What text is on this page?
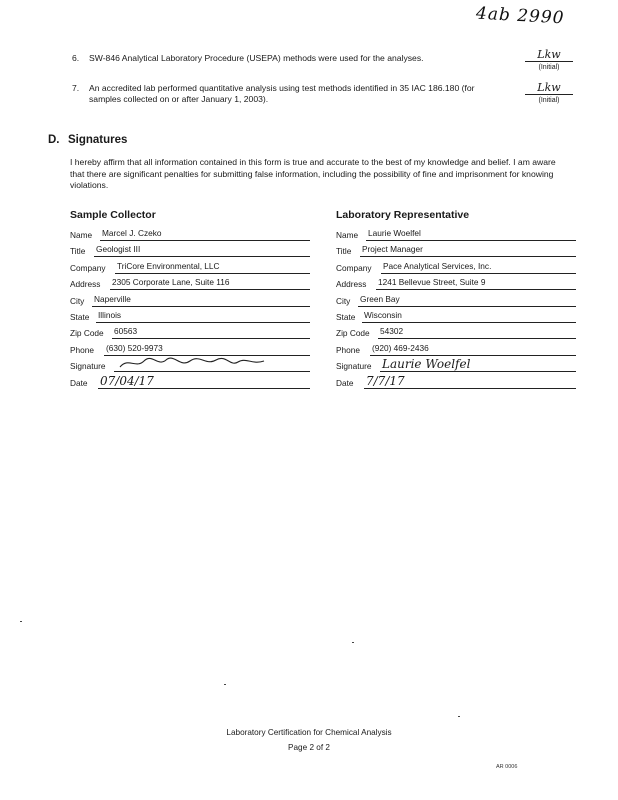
4ab 2990
6. SW-846 Analytical Laboratory Procedure (USEPA) methods were used for the analyses.	Lkw
(Initial)
7. An accredited lab performed quantitative analysis using test methods identified in 35 IAC 186.180 (for samples collected on or after January 1, 2003).
Lkw
(Initial)
D. Signatures
I hereby affirm that all information contained in this form is true and accurate to the best of my knowledge and belief. I am aware that there are significant penalties for submitting false information, including the possibility of fine and imprisonment for knowing violations.
Sample Collector
Name Marcel J. Czeko
Title Geologist III
Company TriCore Environmental, LLC
Address 2305 Corporate Lane, Suite 116
City Naperville
State Illinois
Zip Code 60563
Phone (630) 520-9973
Signature
Date 07/04/17
Laboratory Representative
Name Laurie Woelfel
Title Project Manager
Company Pace Analytical Services, Inc.
Address 1241 Bellevue Street, Suite 9
City Green Bay
State Wisconsin
Zip Code 54302
Phone (920) 469-2436
Signature Laurie Woelfel
Date 7/7/17
Laboratory Certification for Chemical Analysis
Page 2 of 2
AR 0006
